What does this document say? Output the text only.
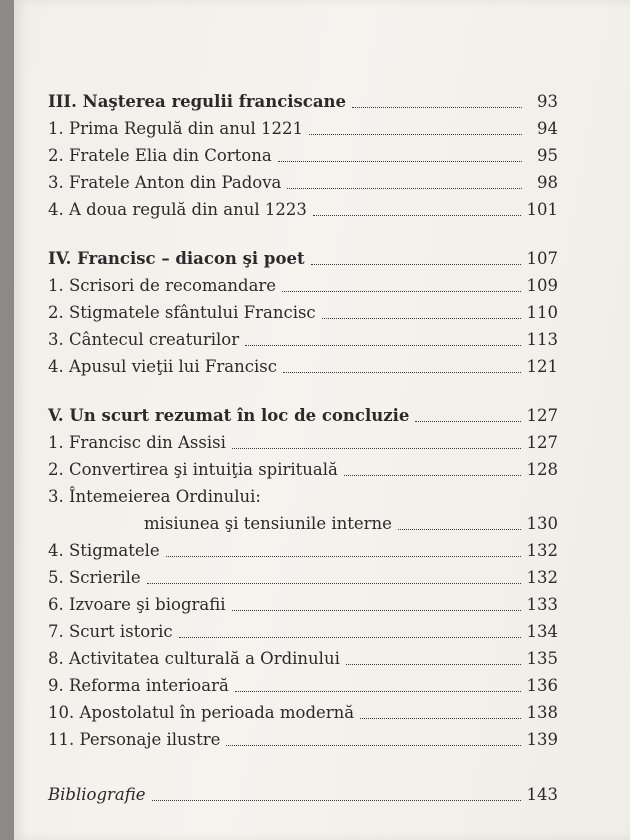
III. Naşterea regulii franciscane	93
1. Prima Regulă din anul 1221	94
2. Fratele Elia din Cortona	95
3. Fratele Anton din Padova	98
4. A doua regulă din anul 1223	101
IV. Francisc – diacon şi poet	107
1. Scrisori de recomandare	109
2. Stigmatele sfântului Francisc	110
3. Cântecul creaturilor	113
4. Apusul vieţii lui Francisc	121
V. Un scurt rezumat în loc de concluzie	127
1. Francisc din Assisi	127
2. Convertirea şi intuiţia spirituală	128
3. Întemeierea Ordinului:
misiunea şi tensiunile interne	130
4. Stigmatele	132
5. Scrierile	132
6. Izvoare şi biografii	133
7. Scurt istoric	134
8. Activitatea culturală a Ordinului	135
9. Reforma interioară	136
10. Apostolatul în perioada modernă	138
11. Personaje ilustre	139
Bibliografie	143
